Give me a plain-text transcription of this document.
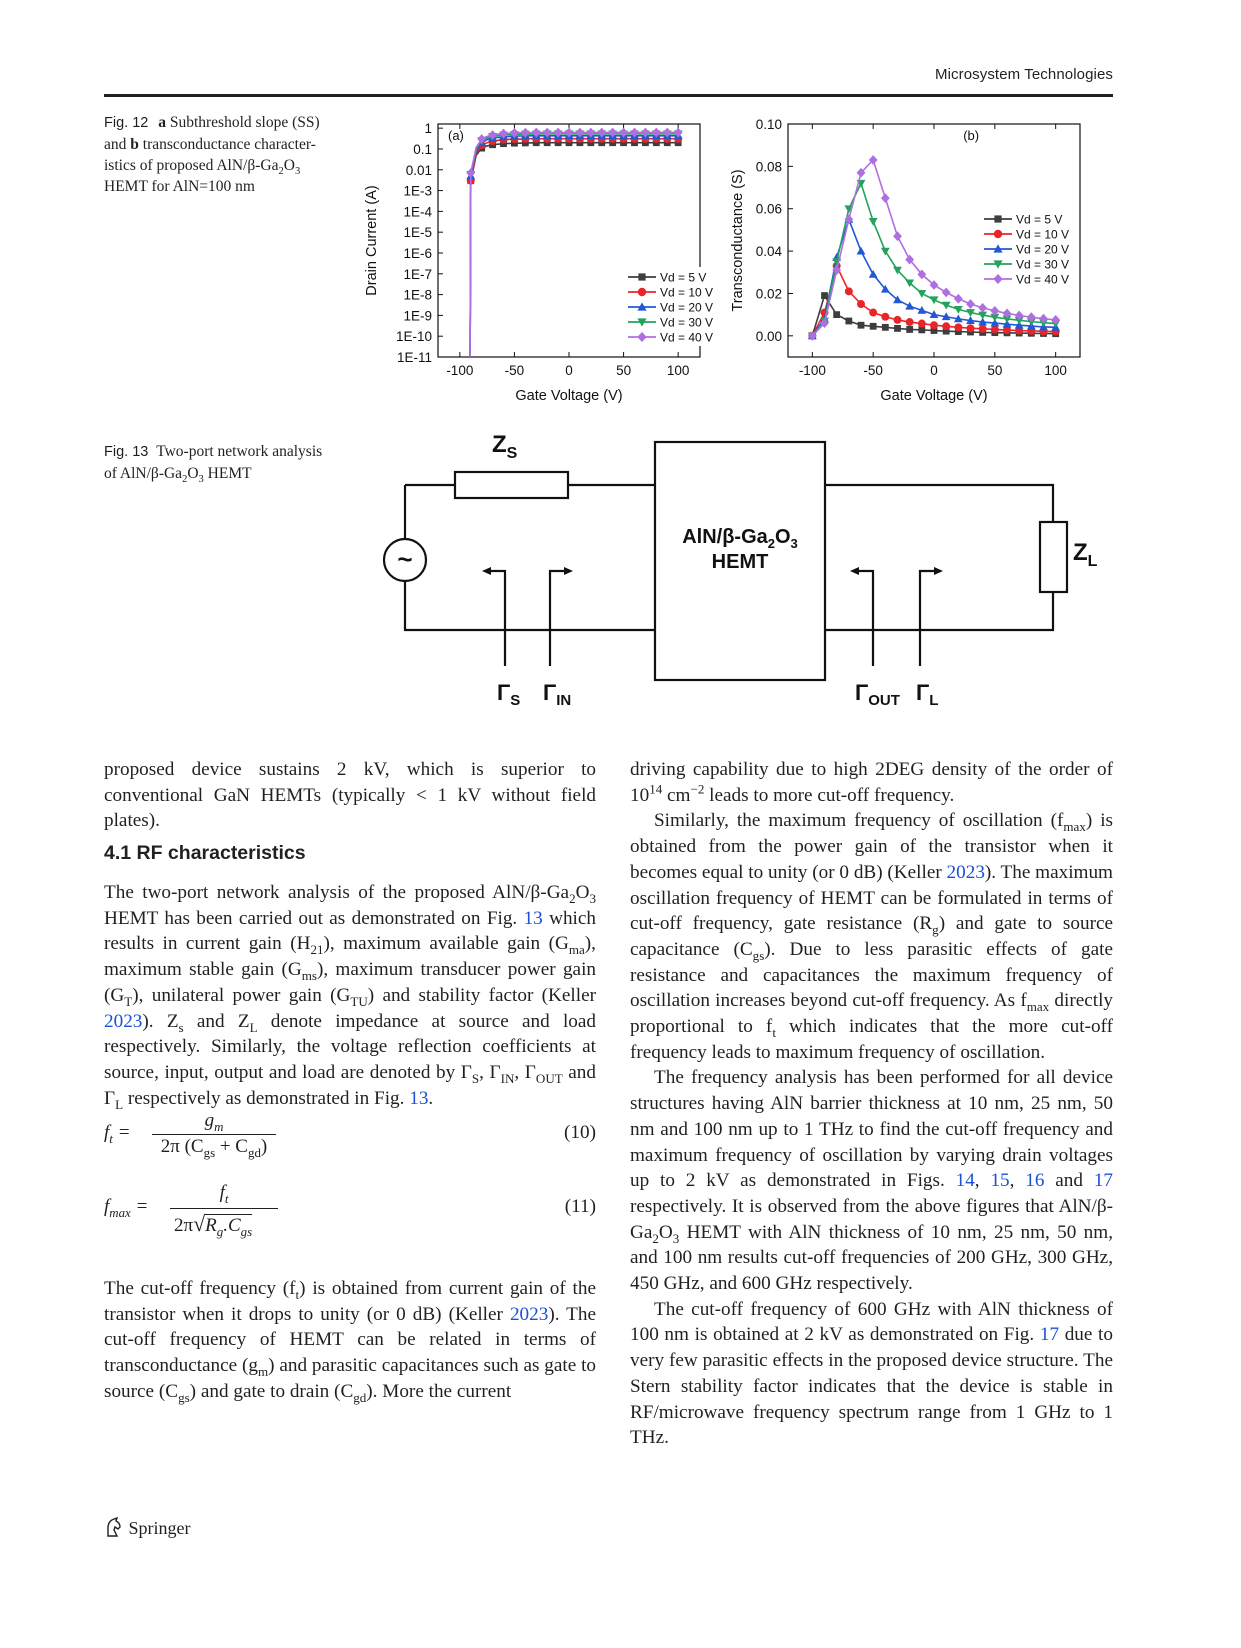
Microsystem Technologies
Fig. 12 a Subthreshold slope (SS)
and b transconductance character-
istics of proposed AlN/$\beta-Ga_2O_3$
HEMT for AlN=100 nm
-100 -50	0	50	100
1
0.1
0.01
1E-3
1E-4
1E-5
1E-6
1E-7
1E-8
1E-9
1E-10
1E-11
Gate Voltage (V)
Drain Current (A)
(a)
Vd = 5 V
Vd = 10 V
Vd = 20 V
Vd = 30 V
Vd = 40 V
-100	-50	0	50	100
0.00
0.02
0.04
0.06
0.08
0.10
Gate Voltage (V)
Transconductance (S)
(b)
Vd = 5 V
Vd = 10 V
Vd = 20 V
Vd = 30 V
Vd = 40 V
Fig. 13 Two-port network analysis
of AlN/$\beta-Ga_2O_3$ HEMT
~
$Z_S$
$Z_L$
AlN/$\beta-Ga_2O_3$
HEMT
$\Gamma_S$ $\Gamma_{IN}$	$\Gamma_{OUT}$ $\Gamma_L$

proposed device sustains 2 kV, which is superior to conventional GaN HEMTs (typically < 1 kV without field plates).

4.1 RF characteristics

The two-port network analysis of the proposed AlN/$\beta-Ga_2O_3$ HEMT has been carried out as demonstrated on Fig. 13 which results in current gain $(H_{21})$, maximum available gain $(G_{ma})$, maximum stable gain $(G_{ms})$, maximum transducer power gain $(G_T)$, unilateral power gain $(G_{TU})$ and stability factor (Keller 2023). $Z_s$ and $Z_L$ denote impedance at source and load respectively. Similarly, the voltage reflection coefficients at source, input, output and load are denoted by $\Gamma_S$, $\Gamma_{IN}$, $\Gamma_{OUT}$ and $\Gamma_L$ respectively as demonstrated in Fig. 13.

$f_t$ =
$g_m$
2π $(C_{gs} + C_{gd})$
(10)
$f_{max}$ =
$f_t$
$2\pi√R_g.C_{gs}$
(11)

The cut-off frequency $(f_t)$ is obtained from current gain of the transistor when it drops to unity (or 0 dB) (Keller 2023). The cut-off frequency of HEMT can be related in terms of transconductance $(g_m)$ and parasitic capacitances such as gate to source $(C_{gs})$ and gate to drain $(C_{gd})$. More the current

driving capability due to high 2DEG density of the order of $10^{14}$ $cm^{-2}$ leads to more cut-off frequency.

Similarly, the maximum frequency of oscillation $(f_{max})$ is obtained from the power gain of the transistor when it becomes equal to unity (or 0 dB) (Keller 2023). The maximum oscillation frequency of HEMT can be formulated in terms of cut-off frequency, gate resistance $(R_g)$ and gate to source capacitance $(C_{gs})$. Due to less parasitic effects of gate resistance and capacitances the maximum frequency of oscillation increases beyond cut-off frequency. As $f_{max}$ directly proportional to $f_t$ which indicates that the more cut-off frequency leads to maximum frequency of oscillation.

The frequency analysis has been performed for all device structures having AlN barrier thickness at 10 nm, 25 nm, 50 nm and 100 nm up to 1 THz to find the cut-off frequency and maximum frequency of oscillation by varying drain voltages up to 2 kV as demonstrated in Figs. 14, 15, 16 and 17 respectively. It is observed from the above figures that AlN/$\beta-Ga_2O_3$ HEMT with AlN thickness of 10 nm, 25 nm, 50 nm, and 100 nm results cut-off frequencies of 200 GHz, 300 GHz, 450 GHz, and 600 GHz respectively.

The cut-off frequency of 600 GHz with AlN thickness of 100 nm is obtained at 2 kV as demonstrated on Fig. 17 due to very few parasitic effects in the proposed device structure. The Stern stability factor indicates that the device is stable in RF/microwave frequency spectrum range from 1 GHz to 1 THz.

Springer
